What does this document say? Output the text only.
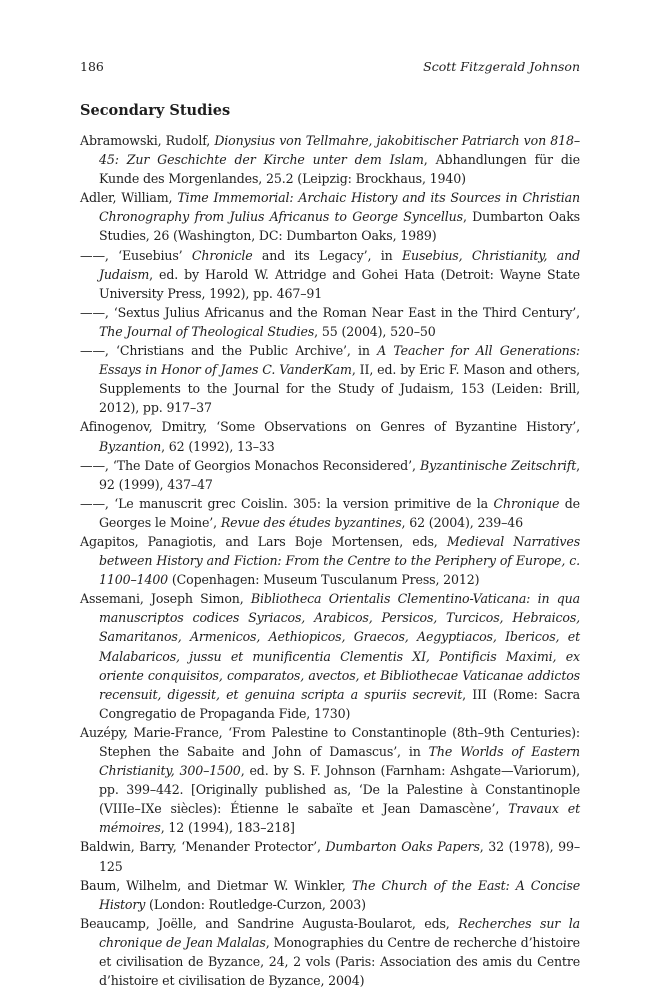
186	Scott Fitzgerald Johnson
Secondary Studies
Abramowski, Rudolf, Dionysius von Tellmahre, jakobitischer Patriarch von 818–45: Zur Geschichte der Kirche unter dem Islam, Abhandlungen für die Kunde des Morgenlandes, 25.2 (Leipzig: Brockhaus, 1940)
Adler, William, Time Immemorial: Archaic History and its Sources in Christian Chronography from Julius Africanus to George Syncellus, Dumbarton Oaks Studies, 26 (Washington, DC: Dumbarton Oaks, 1989)
——, ‘Eusebius’ Chronicle and its Legacy’, in Eusebius, Christianity, and Judaism, ed. by Harold W. Attridge and Gohei Hata (Detroit: Wayne State University Press, 1992), pp. 467–91
——, ‘Sextus Julius Africanus and the Roman Near East in the Third Century’, The Journal of Theological Studies, 55 (2004), 520–50
——, ‘Christians and the Public Archive’, in A Teacher for All Generations: Essays in Honor of James C. VanderKam, II, ed. by Eric F. Mason and others, Supplements to the Journal for the Study of Judaism, 153 (Leiden: Brill, 2012), pp. 917–37
Afinogenov, Dmitry, ‘Some Observations on Genres of Byzantine History’, Byzantion, 62 (1992), 13–33
——, ‘The Date of Georgios Monachos Reconsidered’, Byzantinische Zeitschrift, 92 (1999), 437–47
——, ‘Le manuscrit grec Coislin. 305: la version primitive de la Chronique de Georges le Moine’, Revue des études byzantines, 62 (2004), 239–46
Agapitos, Panagiotis, and Lars Boje Mortensen, eds, Medieval Narratives between History and Fiction: From the Centre to the Periphery of Europe, c. 1100–1400 (Copenhagen: Museum Tusculanum Press, 2012)
Assemani, Joseph Simon, Bibliotheca Orientalis Clementino-Vaticana: in qua manuscriptos codices Syriacos, Arabicos, Persicos, Turcicos, Hebraicos, Samaritanos, Armenicos, Aethiopicos, Graecos, Aegyptiacos, Ibericos, et Malabaricos, jussu et munificentia Clementis XI, Pontificis Maximi, ex oriente conquisitos, comparatos, avectos, et Bibliothecae Vaticanae addictos recensuit, digessit, et genuina scripta a spuriis secrevit, III (Rome: Sacra Congregatio de Propaganda Fide, 1730)
Auzépy, Marie-France, ‘From Palestine to Constantinople (8th–9th Centuries): Stephen the Sabaite and John of Damascus’, in The Worlds of Eastern Christianity, 300–1500, ed. by S. F. Johnson (Farnham: Ashgate—Variorum), pp. 399–442. [Originally published as, ‘De la Palestine à Constantinople (VIIIe–IXe siècles): Étienne le sabaïte et Jean Damascène’, Travaux et mémoires, 12 (1994), 183–218]
Baldwin, Barry, ‘Menander Protector’, Dumbarton Oaks Papers, 32 (1978), 99–125
Baum, Wilhelm, and Dietmar W. Winkler, The Church of the East: A Concise History (London: Routledge-Curzon, 2003)
Beaucamp, Joëlle, and Sandrine Augusta-Boularot, eds, Recherches sur la chronique de Jean Malalas, Monographies du Centre de recherche d’histoire et civilisation de Byzance, 24, 2 vols (Paris: Association des amis du Centre d’histoire et civilisation de Byzance, 2004)
